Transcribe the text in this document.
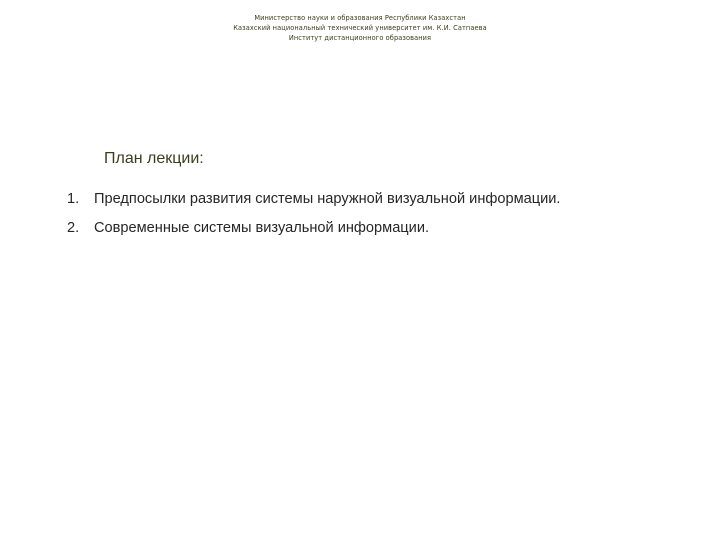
Министерство науки и образования Республики Казахстан
Казахский национальный технический университет им. К.И. Сатпаева
Институт дистанционного образования
План лекции:
1. Предпосылки развития системы наружной визуальной информации.
2. Современные системы визуальной информации.
